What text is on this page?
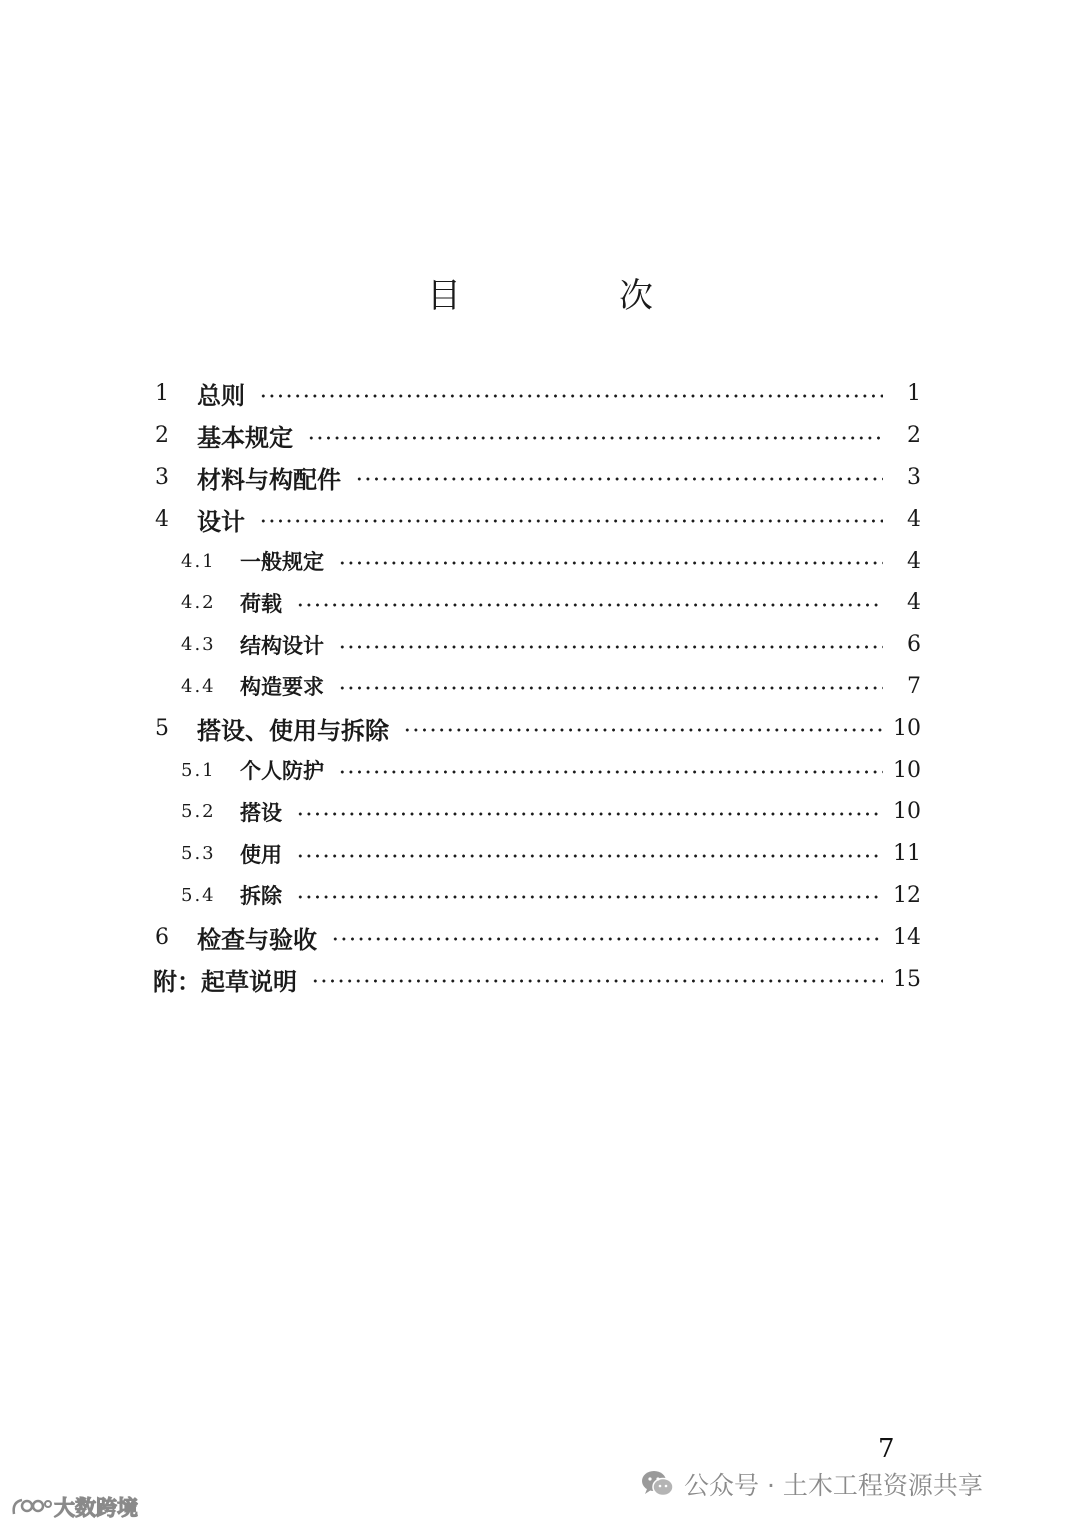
目　次
1	总则	1
2	基本规定	2
3	材料与构配件	3
4	设计	4
4.1	一般规定	4
4.2	荷载	4
4.3	结构设计	6
4.4	构造要求	7
5	搭设、使用与拆除	10
5.1	个人防护	10
5.2	搭设	10
5.3	使用	11
5.4	拆除	12
6	检查与验收	14
附：起草说明	15
7
公众号 · 土木工程资源共享
大数跨境
